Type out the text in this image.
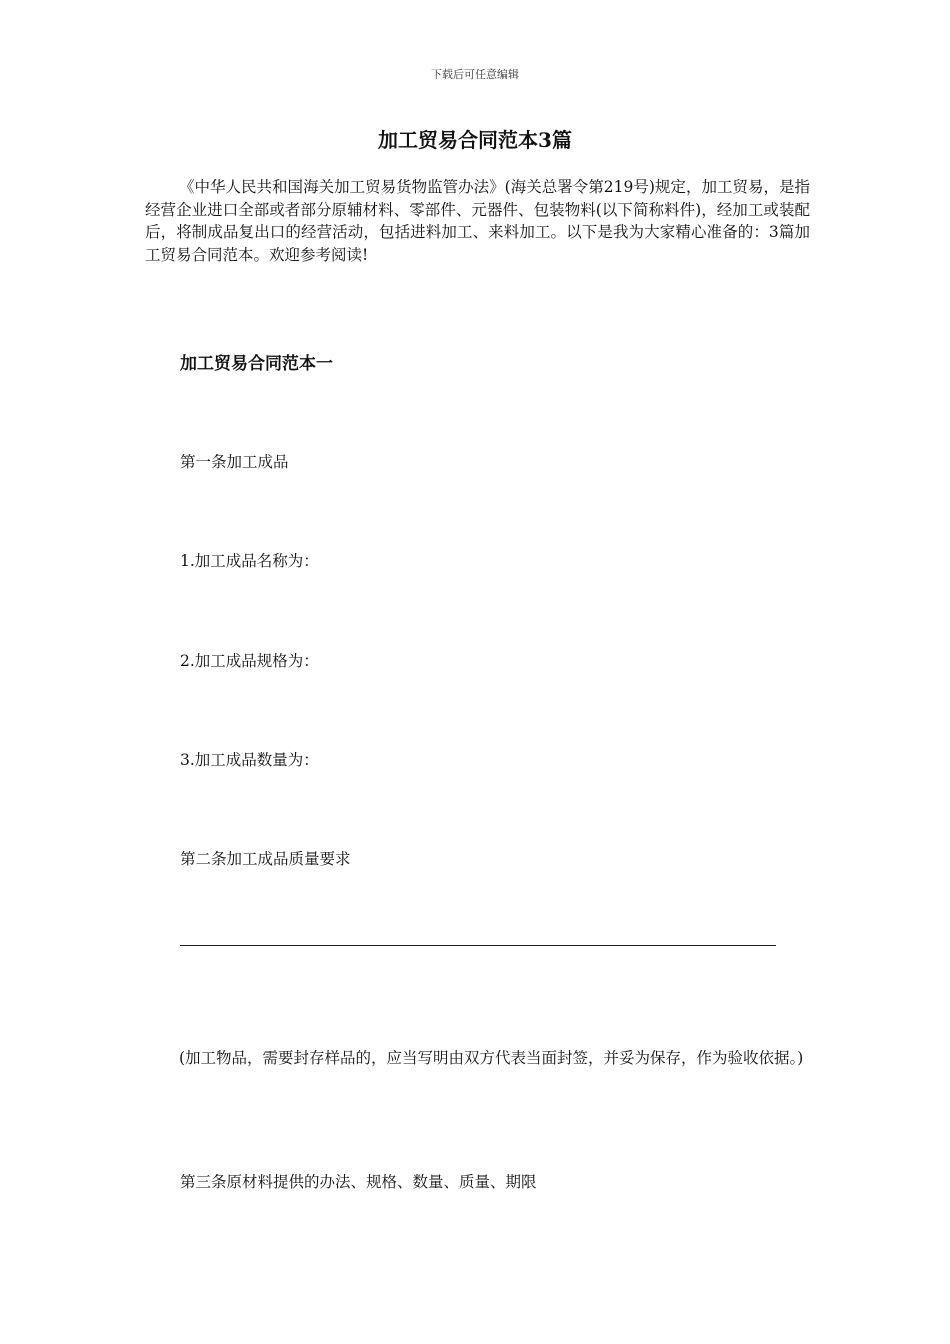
下载后可任意编辑
加工贸易合同范本3篇
《中华人民共和国海关加工贸易货物监管办法》(海关总署令第219号)规定，加工贸易，是指经营企业进口全部或者部分原辅材料、零部件、元器件、包装物料(以下简称料件)，经加工或装配后，将制成品复出口的经营活动，包括进料加工、来料加工。以下是我为大家精心准备的：3篇加工贸易合同范本。欢迎参考阅读!
加工贸易合同范本一
第一条加工成品
1.加工成品名称为：
2.加工成品规格为：
3.加工成品数量为：
第二条加工成品质量要求
(加工物品，需要封存样品的，应当写明由双方代表当面封签，并妥为保存，作为验收依据。)
第三条原材料提供的办法、规格、数量、质量、期限
